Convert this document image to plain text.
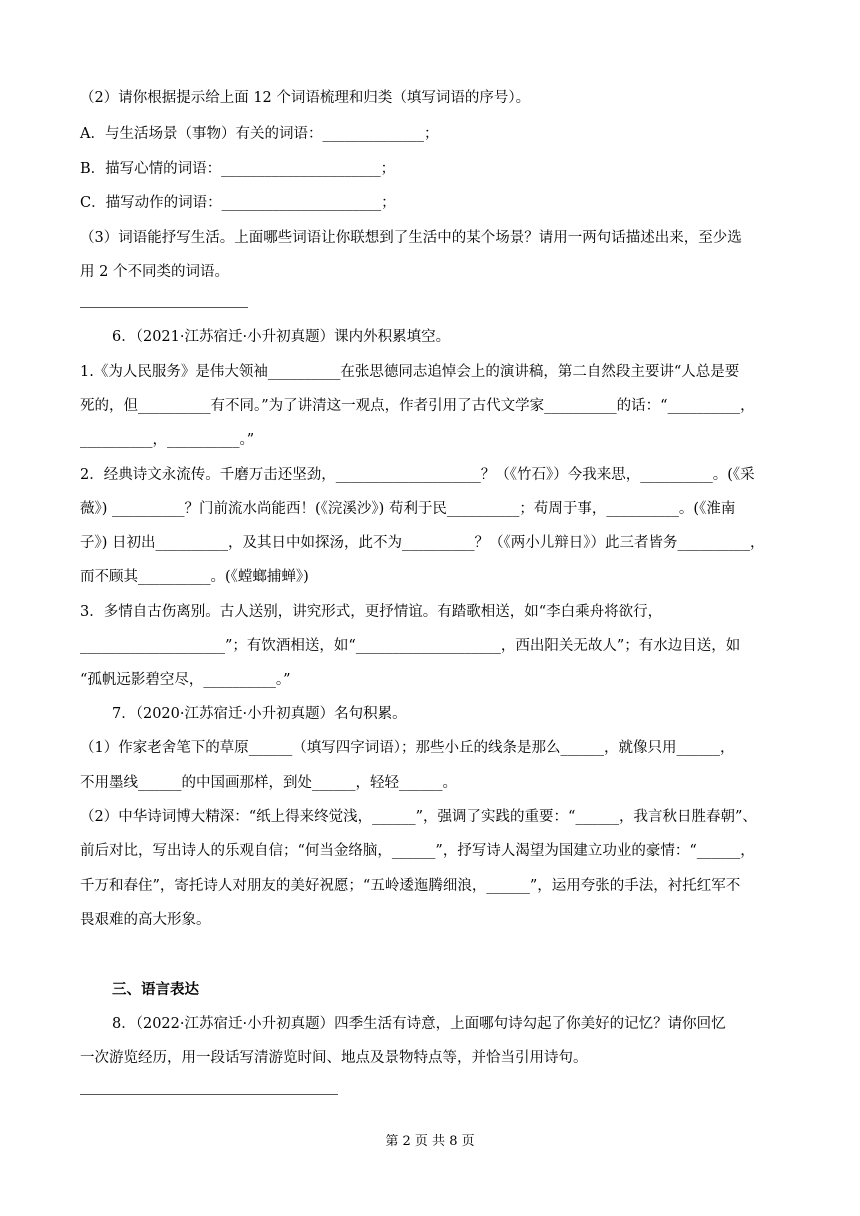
（2）请你根据提示给上面 12 个词语梳理和归类（填写词语的序号）。
A．与生活场景（事物）有关的词语：______________；
B．描写心情的词语：______________________；
C．描写动作的词语：______________________；
（3）词语能抒写生活。上面哪些词语让你联想到了生活中的某个场景？请用一两句话描述出来，至少选
用 2 个不同类的词语。
6．（2021·江苏宿迁·小升初真题）课内外积累填空。
1.《为人民服务》是伟大领袖__________在张思德同志追悼会上的演讲稿，第二自然段主要讲“人总是要
死的，但__________有不同。”为了讲清这一观点，作者引用了古代文学家__________的话：“__________，
__________，__________。”
2．经典诗文永流传。千磨万击还坚劲，____________________？（《竹石》）今我来思，__________。(《采
薇》) __________？门前流水尚能西！(《浣溪沙》) 苟利于民__________；苟周于事，__________。(《淮南
子》) 日初出__________，及其日中如探汤，此不为__________？（《两小儿辩日》）此三者皆务__________，
而不顾其__________。(《螳螂捕蝉》)
3．多情自古伤离别。古人送别，讲究形式，更抒情谊。有踏歌相送，如“李白乘舟将欲行，
____________________”；有饮酒相送，如“____________________，西出阳关无故人”；有水边目送，如
“孤帆远影碧空尽，__________。”
7．（2020·江苏宿迁·小升初真题）名句积累。
（1）作家老舍笔下的草原______（填写四字词语）；那些小丘的线条是那么______，就像只用______，
不用墨线______的中国画那样，到处______，轻轻______。
（2）中华诗词博大精深：“纸上得来终觉浅，______”，强调了实践的重要：“______，我言秋日胜春朝”、
前后对比，写出诗人的乐观自信；“何当金络脑，______”，抒写诗人渴望为国建立功业的豪情：“______，
千万和春住”，寄托诗人对朋友的美好祝愿；“五岭逶迤腾细浪，______”，运用夸张的手法，衬托红军不
畏艰难的高大形象。
三、语言表达
8．（2022·江苏宿迁·小升初真题）四季生活有诗意，上面哪句诗勾起了你美好的记忆？请你回忆
一次游览经历，用一段话写清游览时间、地点及景物特点等，并恰当引用诗句。
第 2 页 共 8 页
